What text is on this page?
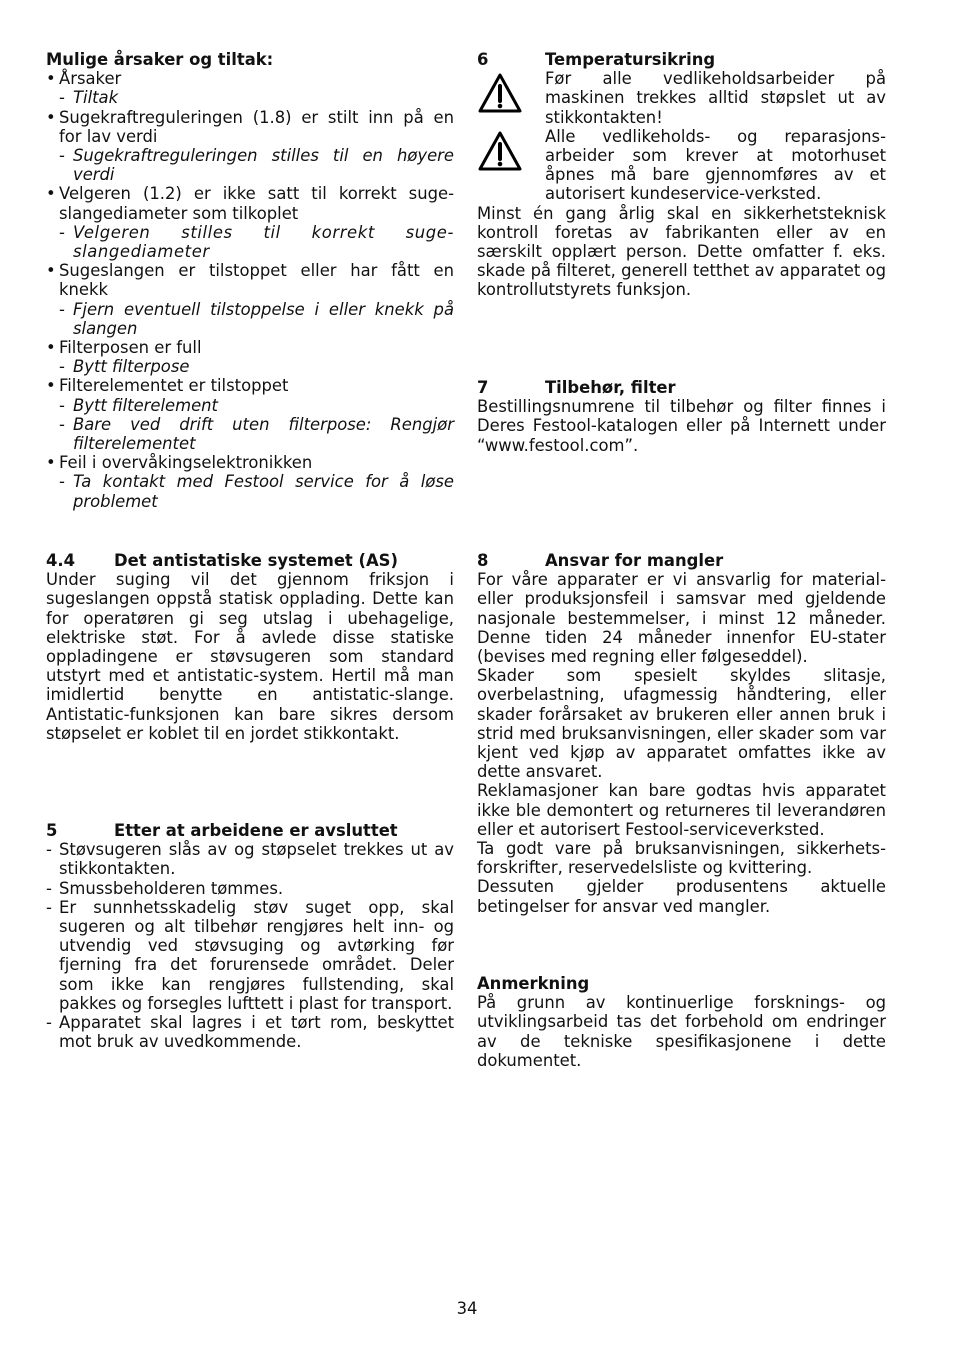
Mulige årsaker og tiltak:
• Årsaker
- Tiltak
• Sugekraftreguleringen (1.8) er stilt inn på en for lav verdi
- Sugekraftreguleringen stilles til en høyere verdi
• Velgeren (1.2) er ikke satt til korrekt suge-slangediameter som tilkoplet
- Velgeren stilles til korrekt suge-slangediameter
• Sugeslangen er tilstoppet eller har fått en knekk
- Fjern eventuell tilstoppelse i eller knekk på slangen
• Filterposen er full
- Bytt filterpose
• Filterelementet er tilstoppet
- Bytt filterelement
- Bare ved drift uten filterpose: Rengjør filterelementet
• Feil i overvåkingselektronikken
- Ta kontakt med Festool service for å løse problemet
4.4	Det antistatiske systemet (AS)
Under suging vil det gjennom friksjon i sugeslangen oppstå statisk opplading. Dette kan for operatøren gi seg utslag i ubehagelige, elektriske støt. For å avlede disse statiske oppladingene er støvsugeren som standard utstyrt med et antistatic-system. Hertil må man imidlertid benytte en antistatic-slange. Antistatic-funksjonen kan bare sikres dersom støpselet er koblet til en jordet stikkontakt.
5	Etter at arbeidene er avsluttet
- Støvsugeren slås av og støpselet trekkes ut av stikkontakten.
- Smussbeholderen tømmes.
- Er sunnhetsskadelig støv suget opp, skal sugeren og alt tilbehør rengjøres helt inn- og utvendig ved støvsuging og avtørking før fjerning fra det forurensede området. Deler som ikke kan rengjøres fullstending, skal pakkes og forsegles lufttett i plast for transport.
- Apparatet skal lagres i et tørt rom, beskyttet mot bruk av uvedkommende.
6	Temperatursikring
Før alle vedlikeholdsarbeider på maskinen trekkes alltid støpslet ut av stikkontakten!
Alle vedlikeholds- og reparasjons-arbeider som krever at motorhuset åpnes må bare gjennomføres av et autorisert kundeservice-verksted.
Minst én gang årlig skal en sikkerhetsteknisk kontroll foretas av fabrikanten eller av en særskilt opplært person. Dette omfatter f. eks. skade på filteret, generell tetthet av apparatet og kontrollutstyrets funksjon.
7	Tilbehør, filter
Bestillingsnumrene til tilbehør og filter finnes i Deres Festool-katalogen eller på Internett under “www.festool.com”.
8	Ansvar for mangler
For våre apparater er vi ansvarlig for material- eller produksjonsfeil i samsvar med gjeldende nasjonale bestemmelser, i minst 12 måneder. Denne tiden 24 måneder innenfor EU-stater (bevises med regning eller følgeseddel).
Skader som spesielt skyldes slitasje, overbelastning, ufagmessig håndtering, eller skader forårsaket av brukeren eller annen bruk i strid med bruksanvisningen, eller skader som var kjent ved kjøp av apparatet omfattes ikke av dette ansvaret.
Reklamasjoner kan bare godtas hvis apparatet ikke ble demontert og returneres til leverandøren eller et autorisert Festool-serviceverksted.
Ta godt vare på bruksanvisningen, sikkerhets-forskrifter, reservedelsliste og kvittering.
Dessuten gjelder produsentens aktuelle betingelser for ansvar ved mangler.
Anmerkning
På grunn av kontinuerlige forsknings- og utviklingsarbeid tas det forbehold om endringer av de tekniske spesifikasjonene i dette dokumentet.
34
